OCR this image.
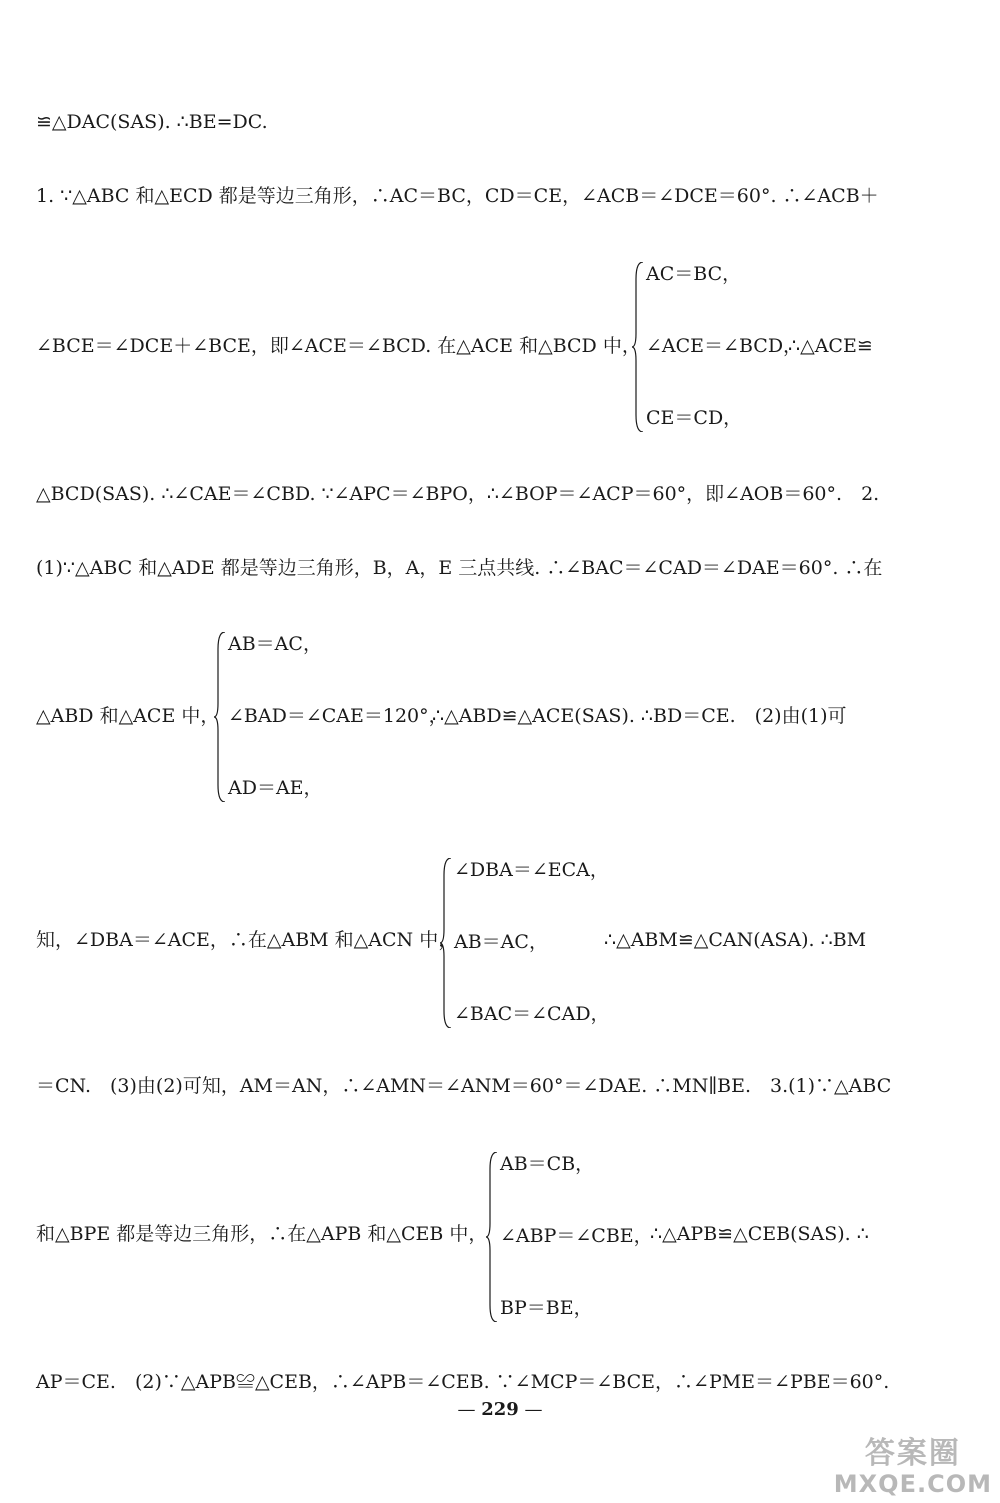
≌△DAC(SAS). ∴BE=DC.
1. ∵△ABC 和△ECD 都是等边三角形，∴AC＝BC，CD＝CE，∠ACB＝∠DCE＝60°. ∴∠ACB＋
∠BCE＝∠DCE＋∠BCE，即∠ACE＝∠BCD. 在△ACE 和△BCD 中，
AC＝BC，
∠ACE＝∠BCD，
CE＝CD，
∴△ACE≌
△BCD(SAS). ∴∠CAE＝∠CBD. ∵∠APC＝∠BPO，∴∠BOP＝∠ACP＝60°，即∠AOB＝60°.　2.
(1)∵△ABC 和△ADE 都是等边三角形，B，A，E 三点共线. ∴∠BAC＝∠CAD＝∠DAE＝60°. ∴在
△ABD 和△ACE 中，
AB＝AC，
∠BAD＝∠CAE＝120°，
AD＝AE，
∴△ABD≌△ACE(SAS). ∴BD＝CE.　(2)由(1)可
知，∠DBA＝∠ACE，∴在△ABM 和△ACN 中，
∠DBA＝∠ECA，
AB＝AC，
∠BAC＝∠CAD，
∴△ABM≌△CAN(ASA). ∴BM
＝CN.　(3)由(2)可知，AM＝AN，∴∠AMN＝∠ANM＝60°＝∠DAE. ∴MN∥BE.　3.(1)∵△ABC
和△BPE 都是等边三角形，∴在△APB 和△CEB 中，
AB＝CB，
∠ABP＝∠CBE，
BP＝BE，
∴△APB≌△CEB(SAS). ∴
AP＝CE.　(2)∵△APB≌△CEB，∴∠APB＝∠CEB. ∵∠MCP＝∠BCE，∴∠PME＝∠PBE＝60°.
— 229 —
答案圈
MXQE.COM
